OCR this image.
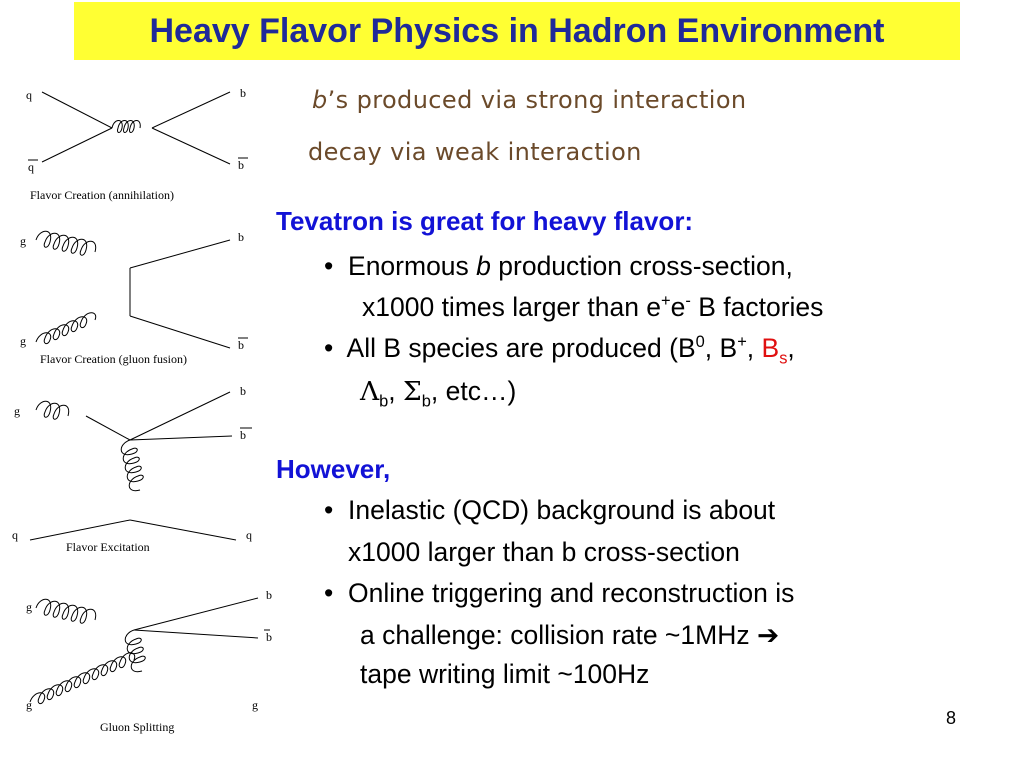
Heavy Flavor Physics in Hadron Environment
b’s produced via strong interaction
decay via weak interaction
Tevatron is great for heavy flavor:
• Enormous b production cross-section,
x1000 times larger than e+e- B factories
• All B species are produced ($B^0$, B+, $B_s$,
$\Lambda_b$, $\Sigma_b$, etc…)
However,
• Inelastic (QCD) background is about
x1000 larger than b cross-section
• Online triggering and reconstruction is
a challenge: collision rate ~1MHz ➔
tape writing limit ~100Hz
q	b
q	b
Flavor Creation (annihilation)
g	b
g	b
Flavor Creation (gluon fusion)
b
g
b
q	q
Flavor Excitation
b
g
b
g	g
Gluon Splitting	8
